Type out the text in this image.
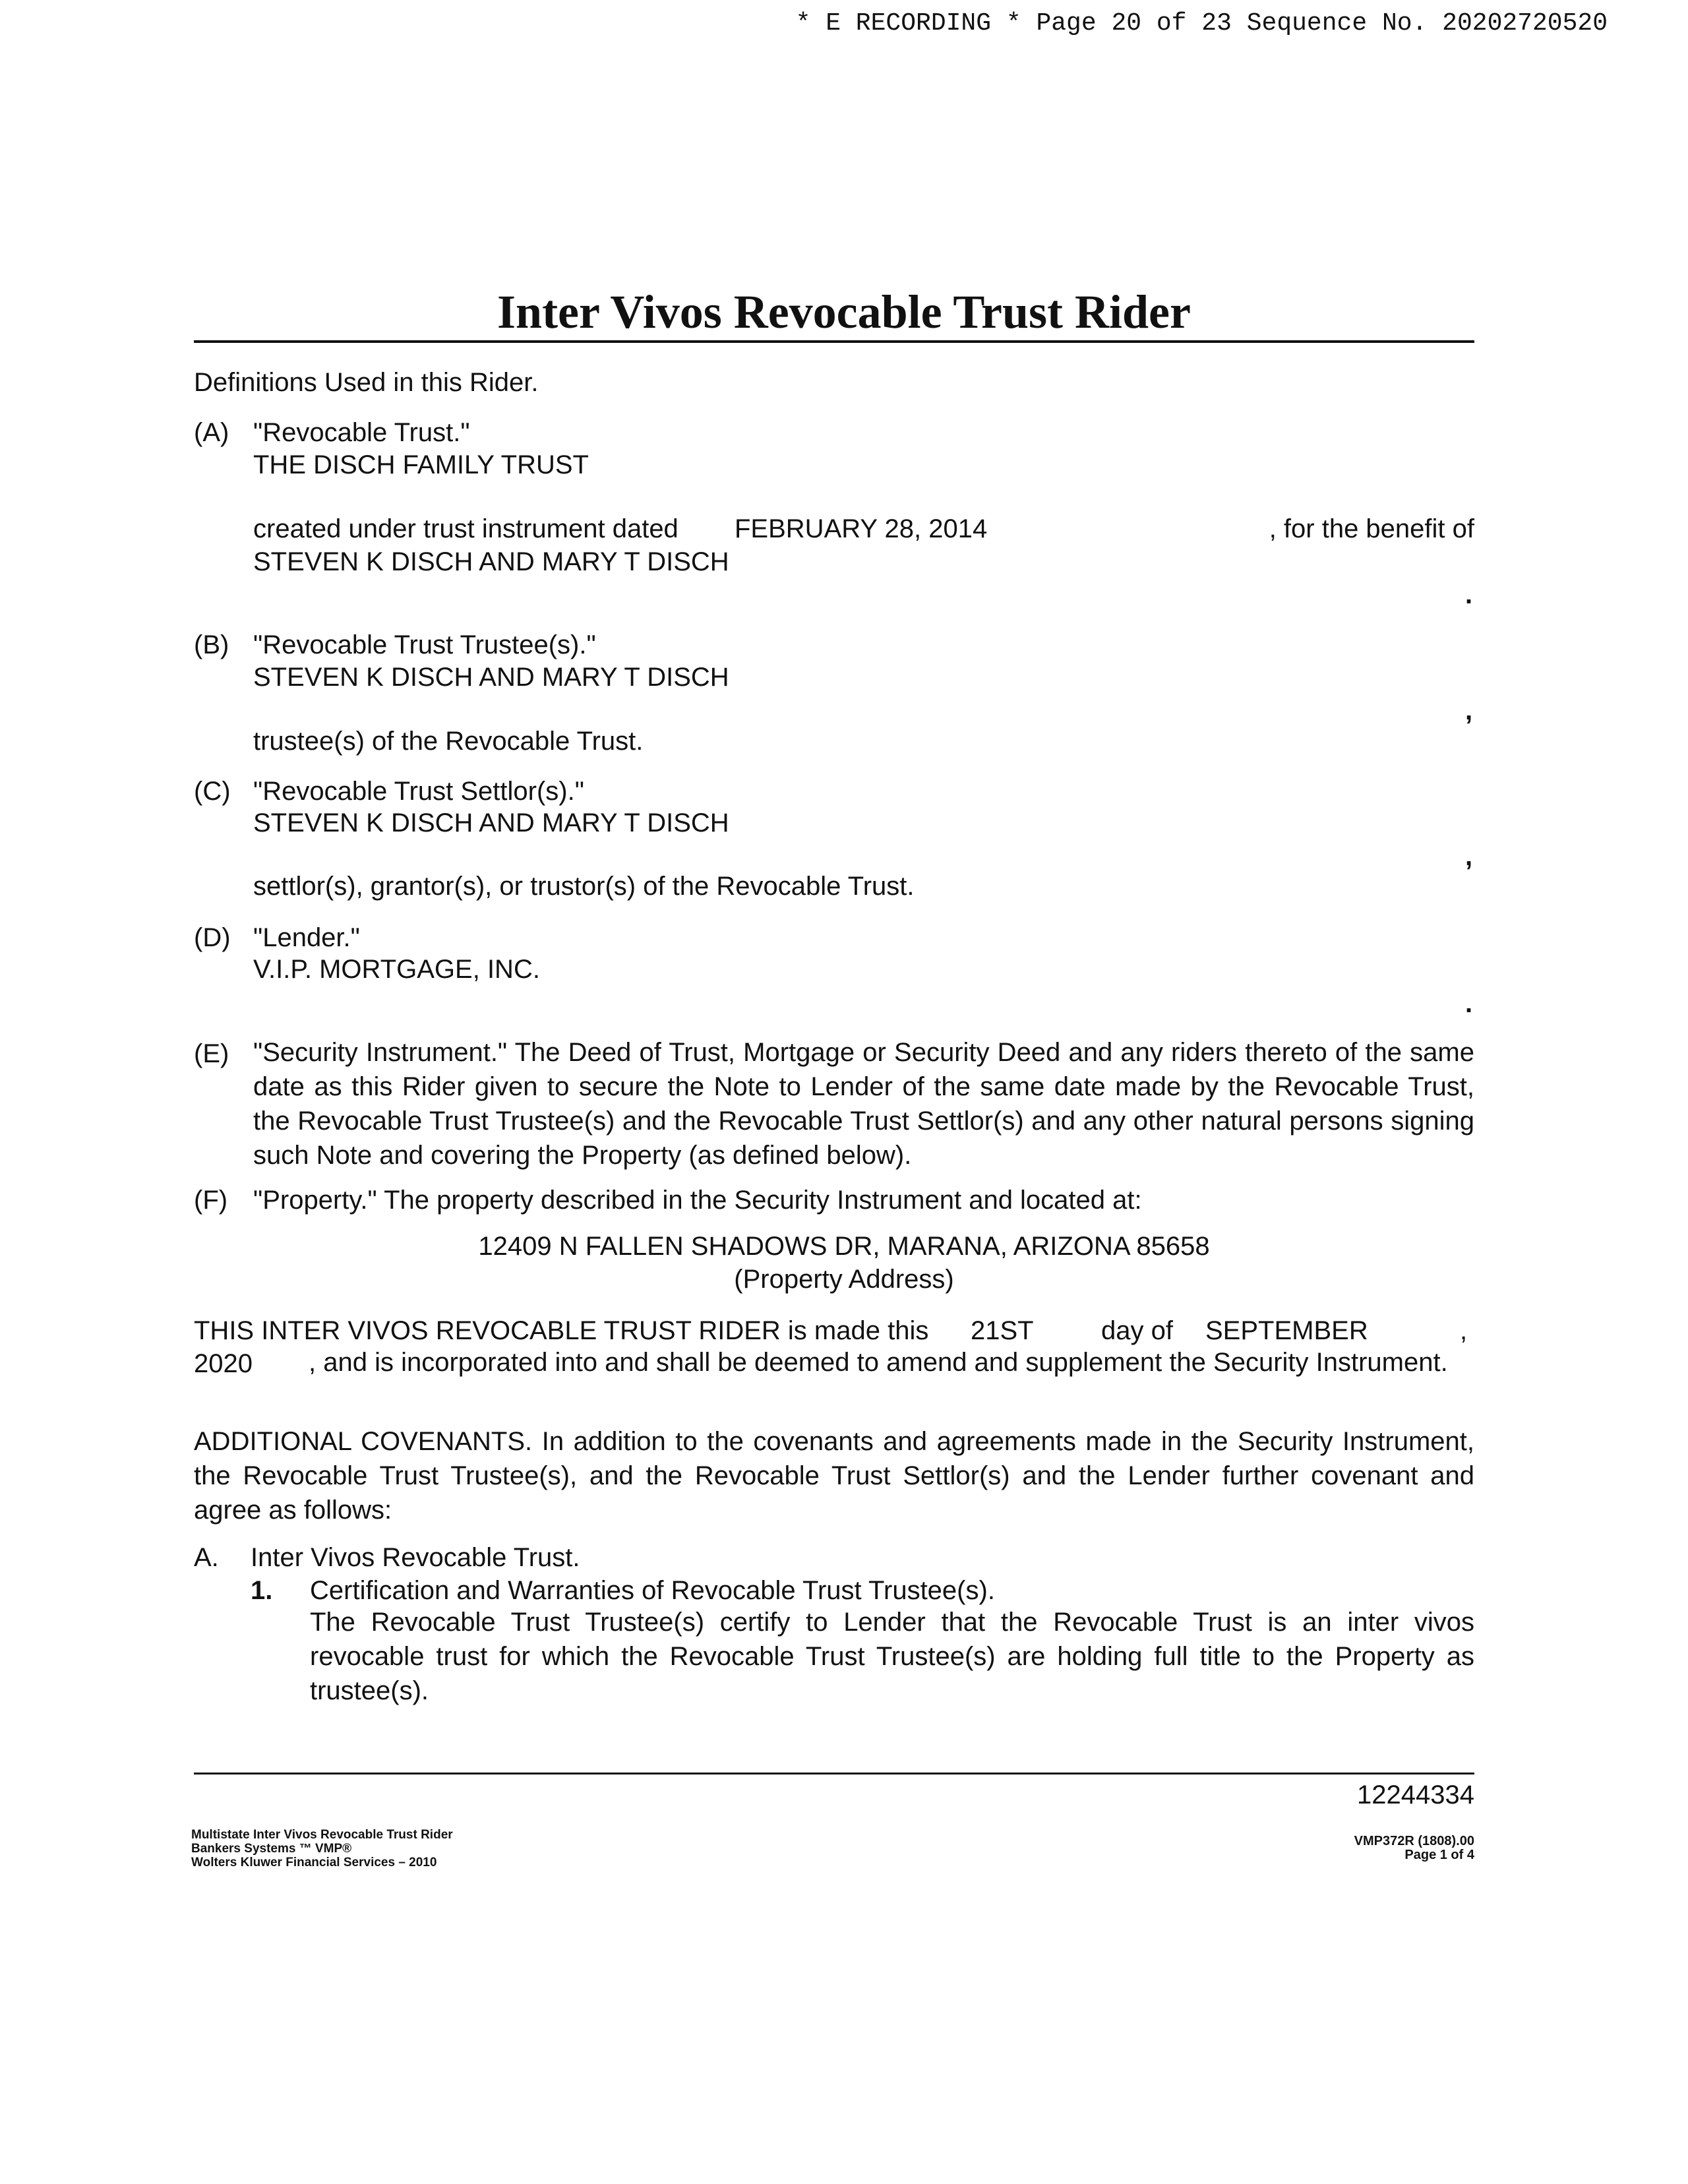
* E RECORDING * Page 20 of 23 Sequence No. 20202720520
Inter Vivos Revocable Trust Rider
Definitions Used in this Rider.
(A) "Revocable Trust."
THE DISCH FAMILY TRUST
created under trust instrument dated FEBRUARY 28, 2014	, for the benefit of
STEVEN K DISCH AND MARY T DISCH
.
(B) "Revocable Trust Trustee(s)."
STEVEN K DISCH AND MARY T DISCH
,
trustee(s) of the Revocable Trust.
(C) "Revocable Trust Settlor(s)."
STEVEN K DISCH AND MARY T DISCH
,
settlor(s), grantor(s), or trustor(s) of the Revocable Trust.
(D) "Lender."
V.I.P. MORTGAGE, INC.
.
(E) "Security Instrument." The Deed of Trust, Mortgage or Security Deed and any riders thereto of the same date as this Rider given to secure the Note to Lender of the same date made by the Revocable Trust, the Revocable Trust Trustee(s) and the Revocable Trust Settlor(s) and any other natural persons signing such Note and covering the Property (as defined below).
(F) "Property." The property described in the Security Instrument and located at:
12409 N FALLEN SHADOWS DR, MARANA, ARIZONA 85658
(Property Address)
THIS INTER VIVOS REVOCABLE TRUST RIDER is made this 21ST	day of SEPTEMBER	,
2020 , and is incorporated into and shall be deemed to amend and supplement the Security Instrument.
ADDITIONAL COVENANTS. In addition to the covenants and agreements made in the Security Instrument, the Revocable Trust Trustee(s), and the Revocable Trust Settlor(s) and the Lender further covenant and agree as follows:
A. Inter Vivos Revocable Trust.
1. Certification and Warranties of Revocable Trust Trustee(s).
The Revocable Trust Trustee(s) certify to Lender that the Revocable Trust is an inter vivos revocable trust for which the Revocable Trust Trustee(s) are holding full title to the Property as trustee(s).
12244334
Multistate Inter Vivos Revocable Trust Rider
Bankers Systems ™ VMP®
Wolters Kluwer Financial Services – 2010
VMP372R (1808).00
Page 1 of 4
